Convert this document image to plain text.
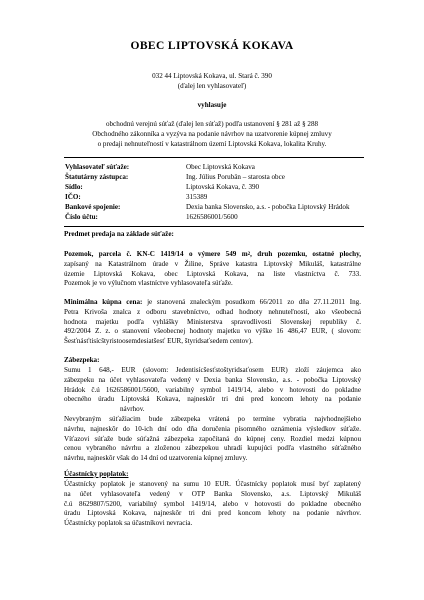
OBEC LIPTOVSKÁ KOKAVA
032 44 Liptovská Kokava, ul. Stará č. 390
(ďalej len vyhlasovateľ)
vyhlasuje
obchodnú verejnú súťaž (ďalej len súťaž) podľa ustanovení § 281 až § 288
Obchodného zákonníka a vyzýva na podanie návrhov na uzatvorenie kúpnej zmluvy
o predaji nehnuteľností v katastrálnom území Liptovská Kokava, lokalita Kruhy.
Vyhlasovateľ súťaže:	Obec Liptovská Kokava
Štatutárny zástupca:	Ing. Július Porubän – starosta obce
Sídlo:	Liptovská Kokava, č. 390
IČO:	315389
Bankové spojenie:	Dexia banka Slovensko, a.s. - pobočka Liptovský Hrádok
Číslo účtu:	1626586001/5600
Predmet predaja na základe súťaže:
Pozemok, parcela č. KN-C 1419/14 o výmere 549 $m^2$, druh pozemku, ostatné plochy,
zapísaný na Katastrálnom úrade v Žiline, Správe katastra Liptovský Mikuláš, katastrálne
územie Liptovská Kokava, obec Liptovská Kokava, na liste vlastníctva č. 733.
Pozemok je vo výlučnom vlastníctve vyhlasovateľa súťaže.
Minimálna kúpna cena: je stanovená znaleckým posudkom 66/2011 zo dňa 27.11.2011 Ing.
Petra Krivoša znalca z odboru stavebníctvo, odhad hodnoty nehnuteľností, ako všeobecná
hodnota majetku podľa vyhlášky Ministerstva spravodlivosti Slovenskej republiky č.
492/2004 Z. z. o stanovení všeobecnej hodnoty majetku vo výške 16 486,47 EUR, ( slovom:
Šesťnásťtisícštyristoosemdesiatšesť EUR, štyridsaťsedem centov).
Zábezpeka:
Sumu 1 648,- EUR (slovom: Jedentisícšesťstoštyridsaťosem EUR) zloží záujemca ako
zábezpeku na účet vyhlasovateľa vedený v Dexia banka Slovensko, a.s. - pobočka Liptovský
Hrádok č.ú 1626586001/5600, variabilný symbol 1419/14, alebo v hotovosti do pokladne
obecného úradu Liptovská Kokava, najneskôr tri dni pred koncom lehoty na podanie
návrhov.
Nevybraným súťažiacim bude zábezpeka vrátená po termíne vybratia najvhodnejšieho
návrhu, najneskôr do 10-ich dní odo dňa doručenia písomného oznámenia výsledkov súťaže.
Víťazovi súťaže bude súťažná zábezpeka započítaná do kúpnej ceny. Rozdiel medzi kúpnou
cenou vybraného návrhu a zloženou zábezpekou uhradí kupujúci podľa vlastného súťažného
návrhu, najneskôr však do 14 dní od uzatvorenia kúpnej zmluvy.
Účastnícky poplatok:
Účastnícky poplatok je stanovený na sumu 10 EUR. Účastnícky poplatok musí byť zaplatený
na účet vyhlasovateľa vedený v OTP Banka Slovensko, a.s. Liptovský Mikuláš
č.ú 8629807/5200, variabilný symbol 1419/14, alebo v hotovosti do pokladne obecného
úradu Liptovská Kokava, najneskôr tri dni pred koncom lehoty na podanie návrhov.
Účastnícky poplatok sa účastníkovi nevracia.
